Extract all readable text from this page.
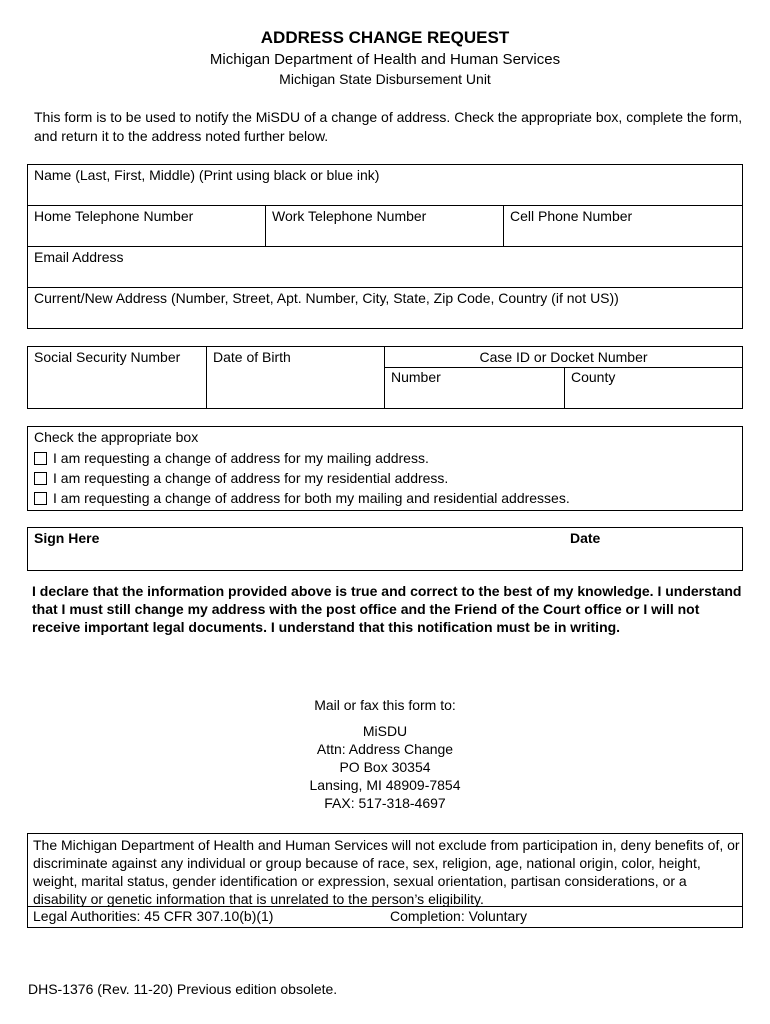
ADDRESS CHANGE REQUEST
Michigan Department of Health and Human Services
Michigan State Disbursement Unit
This form is to be used to notify the MiSDU of a change of address. Check the appropriate box, complete the form, and return it to the address noted further below.
Name (Last, First, Middle) (Print using black or blue ink)
Home Telephone Number	Work Telephone Number	Cell Phone Number
Email Address
Current/New Address (Number, Street, Apt. Number, City, State, Zip Code, Country (if not US))
Social Security Number	Date of Birth	Case ID or Docket Number
Number	County
Check the appropriate box
I am requesting a change of address for my mailing address.
I am requesting a change of address for my residential address.
I am requesting a change of address for both my mailing and residential addresses.
Sign Here	Date
I declare that the information provided above is true and correct to the best of my knowledge. I understand that I must still change my address with the post office and the Friend of the Court office or I will not receive important legal documents. I understand that this notification must be in writing.
Mail or fax this form to:
MiSDU
Attn: Address Change
PO Box 30354
Lansing, MI 48909-7854
FAX: 517-318-4697
The Michigan Department of Health and Human Services will not exclude from participation in, deny benefits of, or discriminate against any individual or group because of race, sex, religion, age, national origin, color, height, weight, marital status, gender identification or expression, sexual orientation, partisan considerations, or a disability or genetic information that is unrelated to the person’s eligibility.
Legal Authorities: 45 CFR 307.10(b)(1)	Completion: Voluntary
DHS-1376 (Rev. 11-20) Previous edition obsolete.
